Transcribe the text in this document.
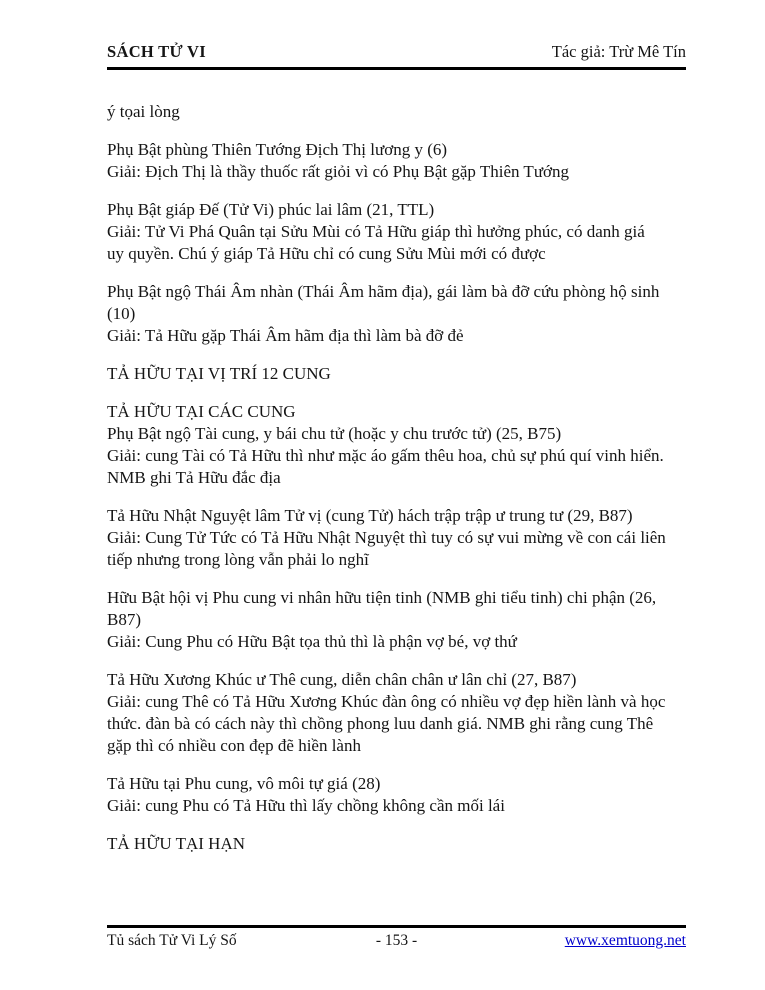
SÁCH TỬ VI	Tác giả: Trừ Mê Tín
ý tọai lòng
Phụ Bật phùng Thiên Tướng Địch Thị lương y (6)
Giải: Địch Thị là thầy thuốc rất giỏi vì có Phụ Bật gặp Thiên Tướng
Phụ Bật giáp Đế (Tử Vi) phúc lai lâm (21, TTL)
Giải: Tử Vi Phá Quân tại Sửu Mùi có Tả Hữu giáp thì hưởng phúc, có danh giá
uy quyền. Chú ý giáp Tả Hữu chỉ có cung Sửu Mùi mới có được
Phụ Bật ngộ Thái Âm nhàn (Thái Âm hãm địa), gái làm bà đỡ cứu phòng hộ sinh
(10)
Giải: Tả Hữu gặp Thái Âm hãm địa thì làm bà đỡ đẻ
TẢ HỮU TẠI VỊ TRÍ 12 CUNG
TẢ HỮU TẠI CÁC CUNG
Phụ Bật ngộ Tài cung, y bái chu tử (hoặc y chu trước tử) (25, B75)
Giải: cung Tài có Tả Hữu thì như mặc áo gấm thêu hoa, chủ sự phú quí vinh hiển.
NMB ghi Tả Hữu đắc địa
Tả Hữu Nhật Nguyệt lâm Tử vị (cung Tử) hách trập trập ư trung tư (29, B87)
Giải: Cung Tử Tức có Tả Hữu Nhật Nguyệt thì tuy có sự vui mừng về con cái liên
tiếp nhưng trong lòng vẫn phải lo nghĩ
Hữu Bật hội vị Phu cung vi nhân hữu tiện tinh (NMB ghi tiểu tinh) chi phận (26,
B87)
Giải: Cung Phu có Hữu Bật tọa thủ thì là phận vợ bé, vợ thứ
Tả Hữu Xương Khúc ư Thê cung, diễn chân chân ư lân chỉ (27, B87)
Giải: cung Thê có Tả Hữu Xương Khúc đàn ông có nhiều vợ đẹp hiền lành và học
thức. đàn bà có cách này thì chồng phong luu danh giá. NMB ghi rằng cung Thê
gặp thì có nhiều con đẹp đẽ hiền lành
Tả Hữu tại Phu cung, vô môi tự giá (28)
Giải: cung Phu có Tả Hữu thì lấy chồng không cần mối lái
TẢ HỮU TẠI HẠN
Tủ sách Tử Vi Lý Số	- 153 -	www.xemtuong.net
